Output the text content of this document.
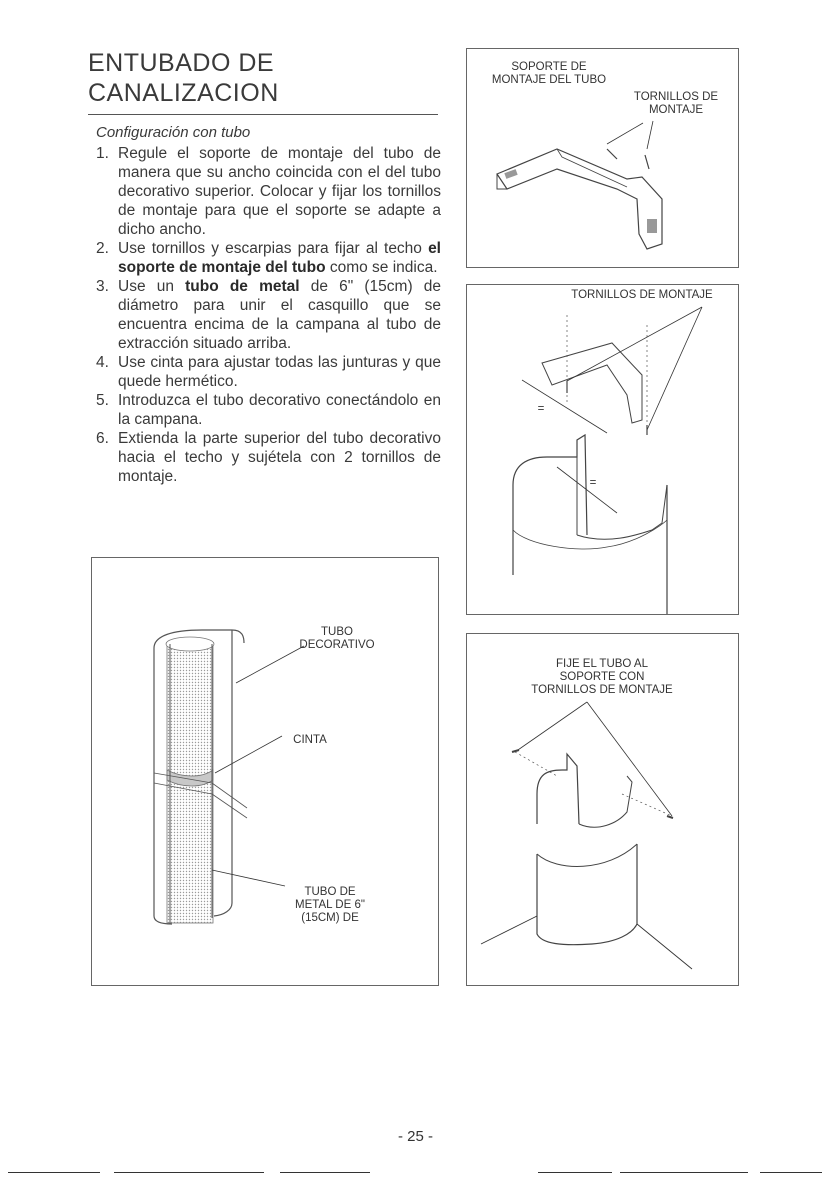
ENTUBADO DE
CANALIZACION
Configuración con tubo
1. Regule el soporte de montaje del tubo de manera que su ancho coincida con el del tubo decorativo superior. Colocar y fijar los tornillos de montaje para que el soporte se adapte a dicho ancho.
2. Use tornillos y escarpias para fijar al techo el soporte de montaje del tubo como se indica.
3. Use un tubo de metal de 6" (15cm) de diámetro para unir el casquillo que se encuentra encima de la campana al tubo de extracción situado arriba.
4. Use cinta para ajustar todas las junturas y que quede hermético.
5. Introduzca el tubo decorativo conectándolo en la campana.
6. Extienda la parte superior del tubo decorativo hacia el techo y sujétela con 2 tornillos de montaje.
TUBO
DECORATIVO
CINTA
TUBO DE
METAL DE 6"
(15CM) DE
SOPORTE DE
MONTAJE DEL TUBO
TORNILLOS DE
MONTAJE
TORNILLOS DE MONTAJE
=
=
FIJE EL TUBO AL
SOPORTE CON
TORNILLOS DE MONTAJE
- 25 -
